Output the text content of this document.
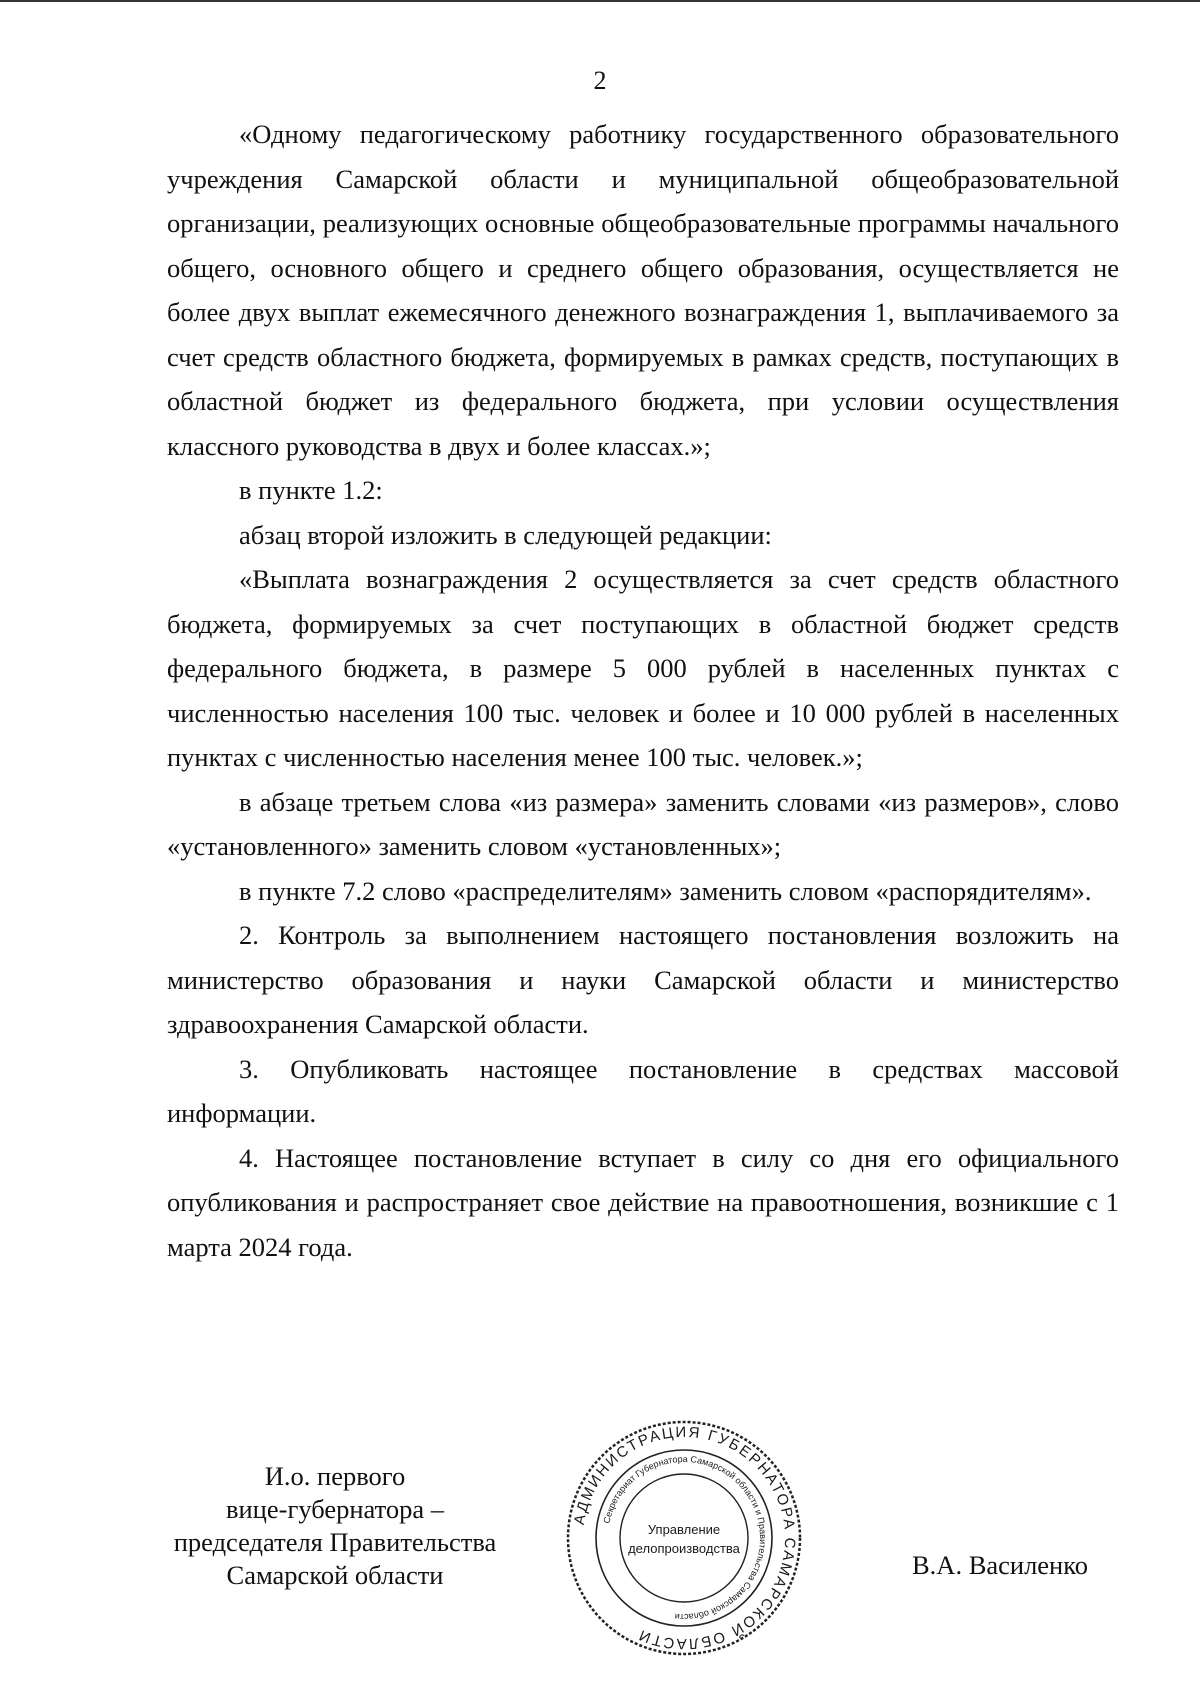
2

«Одному педагогическому работнику государственного образовательного учреждения Самарской области и муниципальной общеобразовательной организации, реализующих основные общеобразовательные программы начального общего, основного общего и среднего общего образования, осуществляется не более двух выплат ежемесячного денежного вознаграждения 1, выплачиваемого за счет средств областного бюджета, формируемых в рамках средств, поступающих в областной бюджет из федерального бюджета, при условии осуществления классного руководства в двух и более классах.»;

в пункте 1.2:

абзац второй изложить в следующей редакции:

«Выплата вознаграждения 2 осуществляется за счет средств областного бюджета, формируемых за счет поступающих в областной бюджет средств федерального бюджета, в размере 5 000 рублей в населенных пунктах с численностью населения 100 тыс. человек и более и 10 000 рублей в населенных пунктах с численностью населения менее 100 тыс. человек.»;

в абзаце третьем слова «из размера» заменить словами «из размеров», слово «установленного» заменить словом «установленных»;

в пункте 7.2 слово «распределителям» заменить словом «распорядителям».

2. Контроль за выполнением настоящего постановления возложить на министерство образования и науки Самарской области и министерство здравоохранения Самарской области.

3. Опубликовать настоящее постановление в средствах массовой информации.

4. Настоящее постановление вступает в силу со дня его официального опубликования и распространяет свое действие на правоотношения, возникшие с 1 марта 2024 года.

И.о. первого
вице-губернатора –
председателя Правительства
Самарской области
АДМИНИСТРАЦИЯ ГУБЕРНАТОРА САМАРСКОЙ ОБЛАСТИ
Секретариат Губернатора Самарской области и Правительства Самарской области
Управление
делопроизводства
В.А. Василенко
